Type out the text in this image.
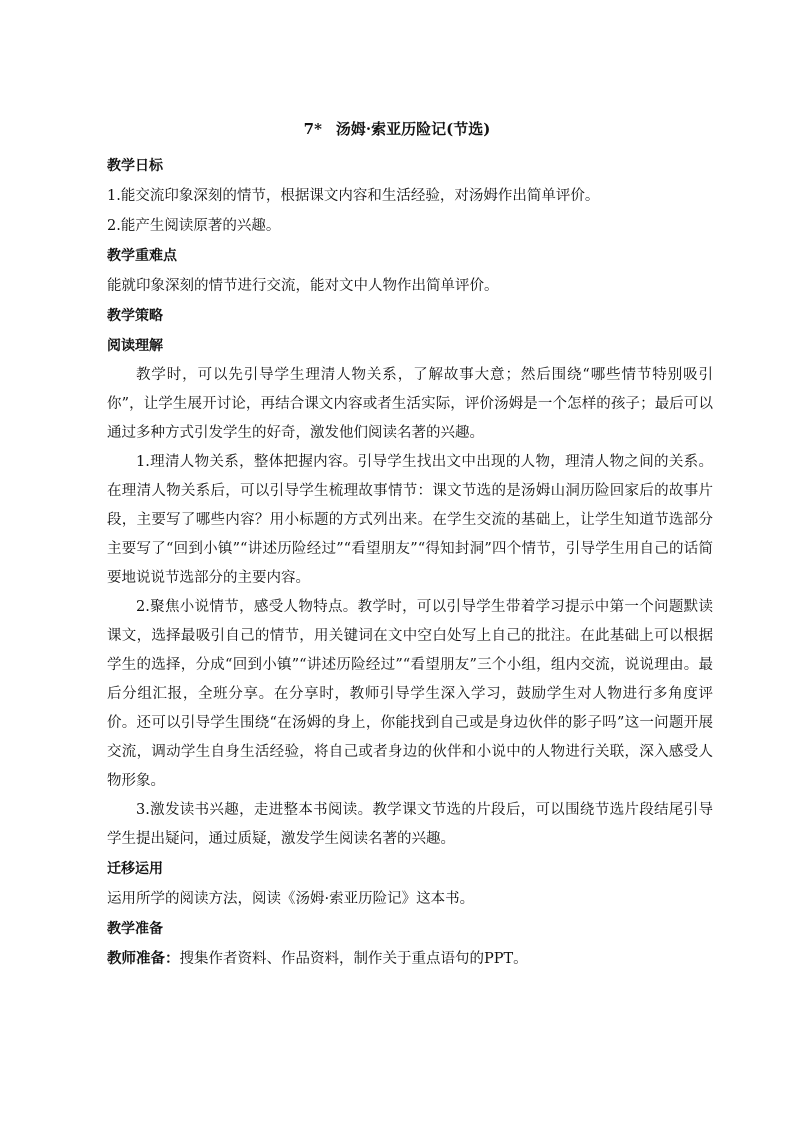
7* 汤姆·索亚历险记(节选)

教学日标

1.能交流印象深刻的情节，根据课文内容和生活经验，对汤姆作出简单评价。

2.能产生阅读原著的兴趣。

教学重难点

能就印象深刻的情节进行交流，能对文中人物作出简单评价。

教学策略

阅读理解

教学时，可以先引导学生理清人物关系，了解故事大意；然后围绕“哪些情节特别吸引你”，让学生展开讨论，再结合课文内容或者生活实际，评价汤姆是一个怎样的孩子；最后可以通过多种方式引发学生的好奇，激发他们阅读名著的兴趣。

1.理清人物关系，整体把握内容。引导学生找出文中出现的人物，理清人物之间的关系。在理清人物关系后，可以引导学生梳理故事情节：课文节选的是汤姆山洞历险回家后的故事片段，主要写了哪些内容？用小标题的方式列出来。在学生交流的基础上，让学生知道节选部分主要写了“回到小镇”“讲述历险经过”“看望朋友”“得知封洞”四个情节，引导学生用自己的话简要地说说节选部分的主要内容。

2.聚焦小说情节，感受人物特点。教学时，可以引导学生带着学习提示中第一个问题默读课文，选择最吸引自己的情节，用关键词在文中空白处写上自己的批注。在此基础上可以根据学生的选择，分成“回到小镇”“讲述历险经过”“看望朋友”三个小组，组内交流，说说理由。最后分组汇报，全班分享。在分享时，教师引导学生深入学习，鼓励学生对人物进行多角度评价。还可以引导学生围绕“在汤姆的身上，你能找到自己或是身边伙伴的影子吗”这一问题开展交流，调动学生自身生活经验，将自己或者身边的伙伴和小说中的人物进行关联，深入感受人物形象。

3.激发读书兴趣，走进整本书阅读。教学课文节选的片段后，可以围绕节选片段结尾引导学生提出疑问，通过质疑，激发学生阅读名著的兴趣。

迁移运用

运用所学的阅读方法，阅读《汤姆·索亚历险记》这本书。

教学准备

教师准备：搜集作者资料、作品资料，制作关于重点语句的PPT。
